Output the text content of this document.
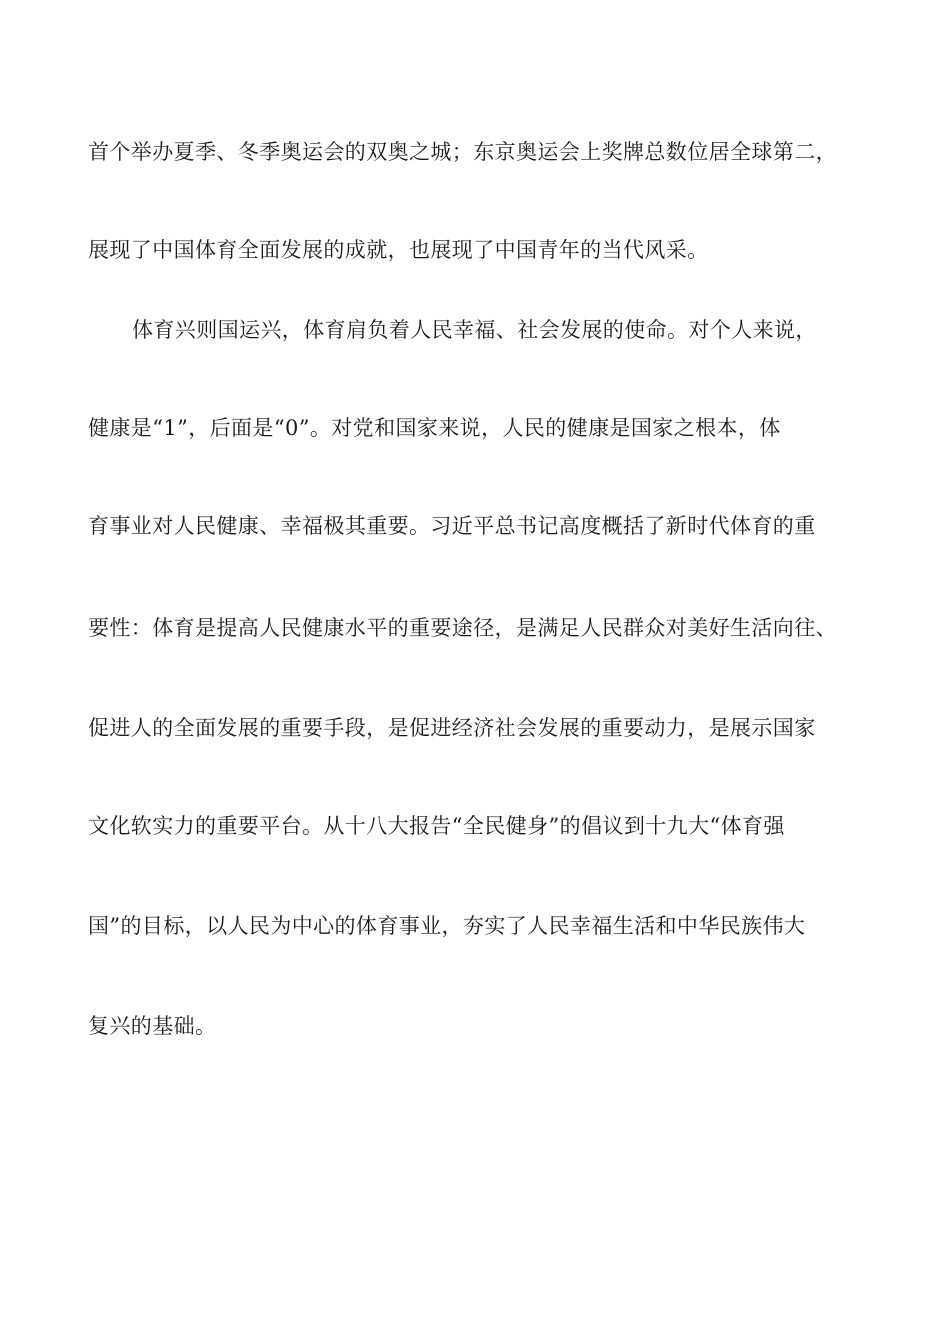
首个举办夏季、冬季奥运会的双奥之城；东京奥运会上奖牌总数位居全球第二，
展现了中国体育全面发展的成就，也展现了中国青年的当代风采。
体育兴则国运兴，体育肩负着人民幸福、社会发展的使命。对个人来说，
健康是“1”，后面是“0”。对党和国家来说，人民的健康是国家之根本，体
育事业对人民健康、幸福极其重要。习近平总书记高度概括了新时代体育的重
要性：体育是提高人民健康水平的重要途径，是满足人民群众对美好生活向往、
促进人的全面发展的重要手段，是促进经济社会发展的重要动力，是展示国家
文化软实力的重要平台。从十八大报告“全民健身”的倡议到十九大“体育强
国”的目标，以人民为中心的体育事业，夯实了人民幸福生活和中华民族伟大
复兴的基础。
